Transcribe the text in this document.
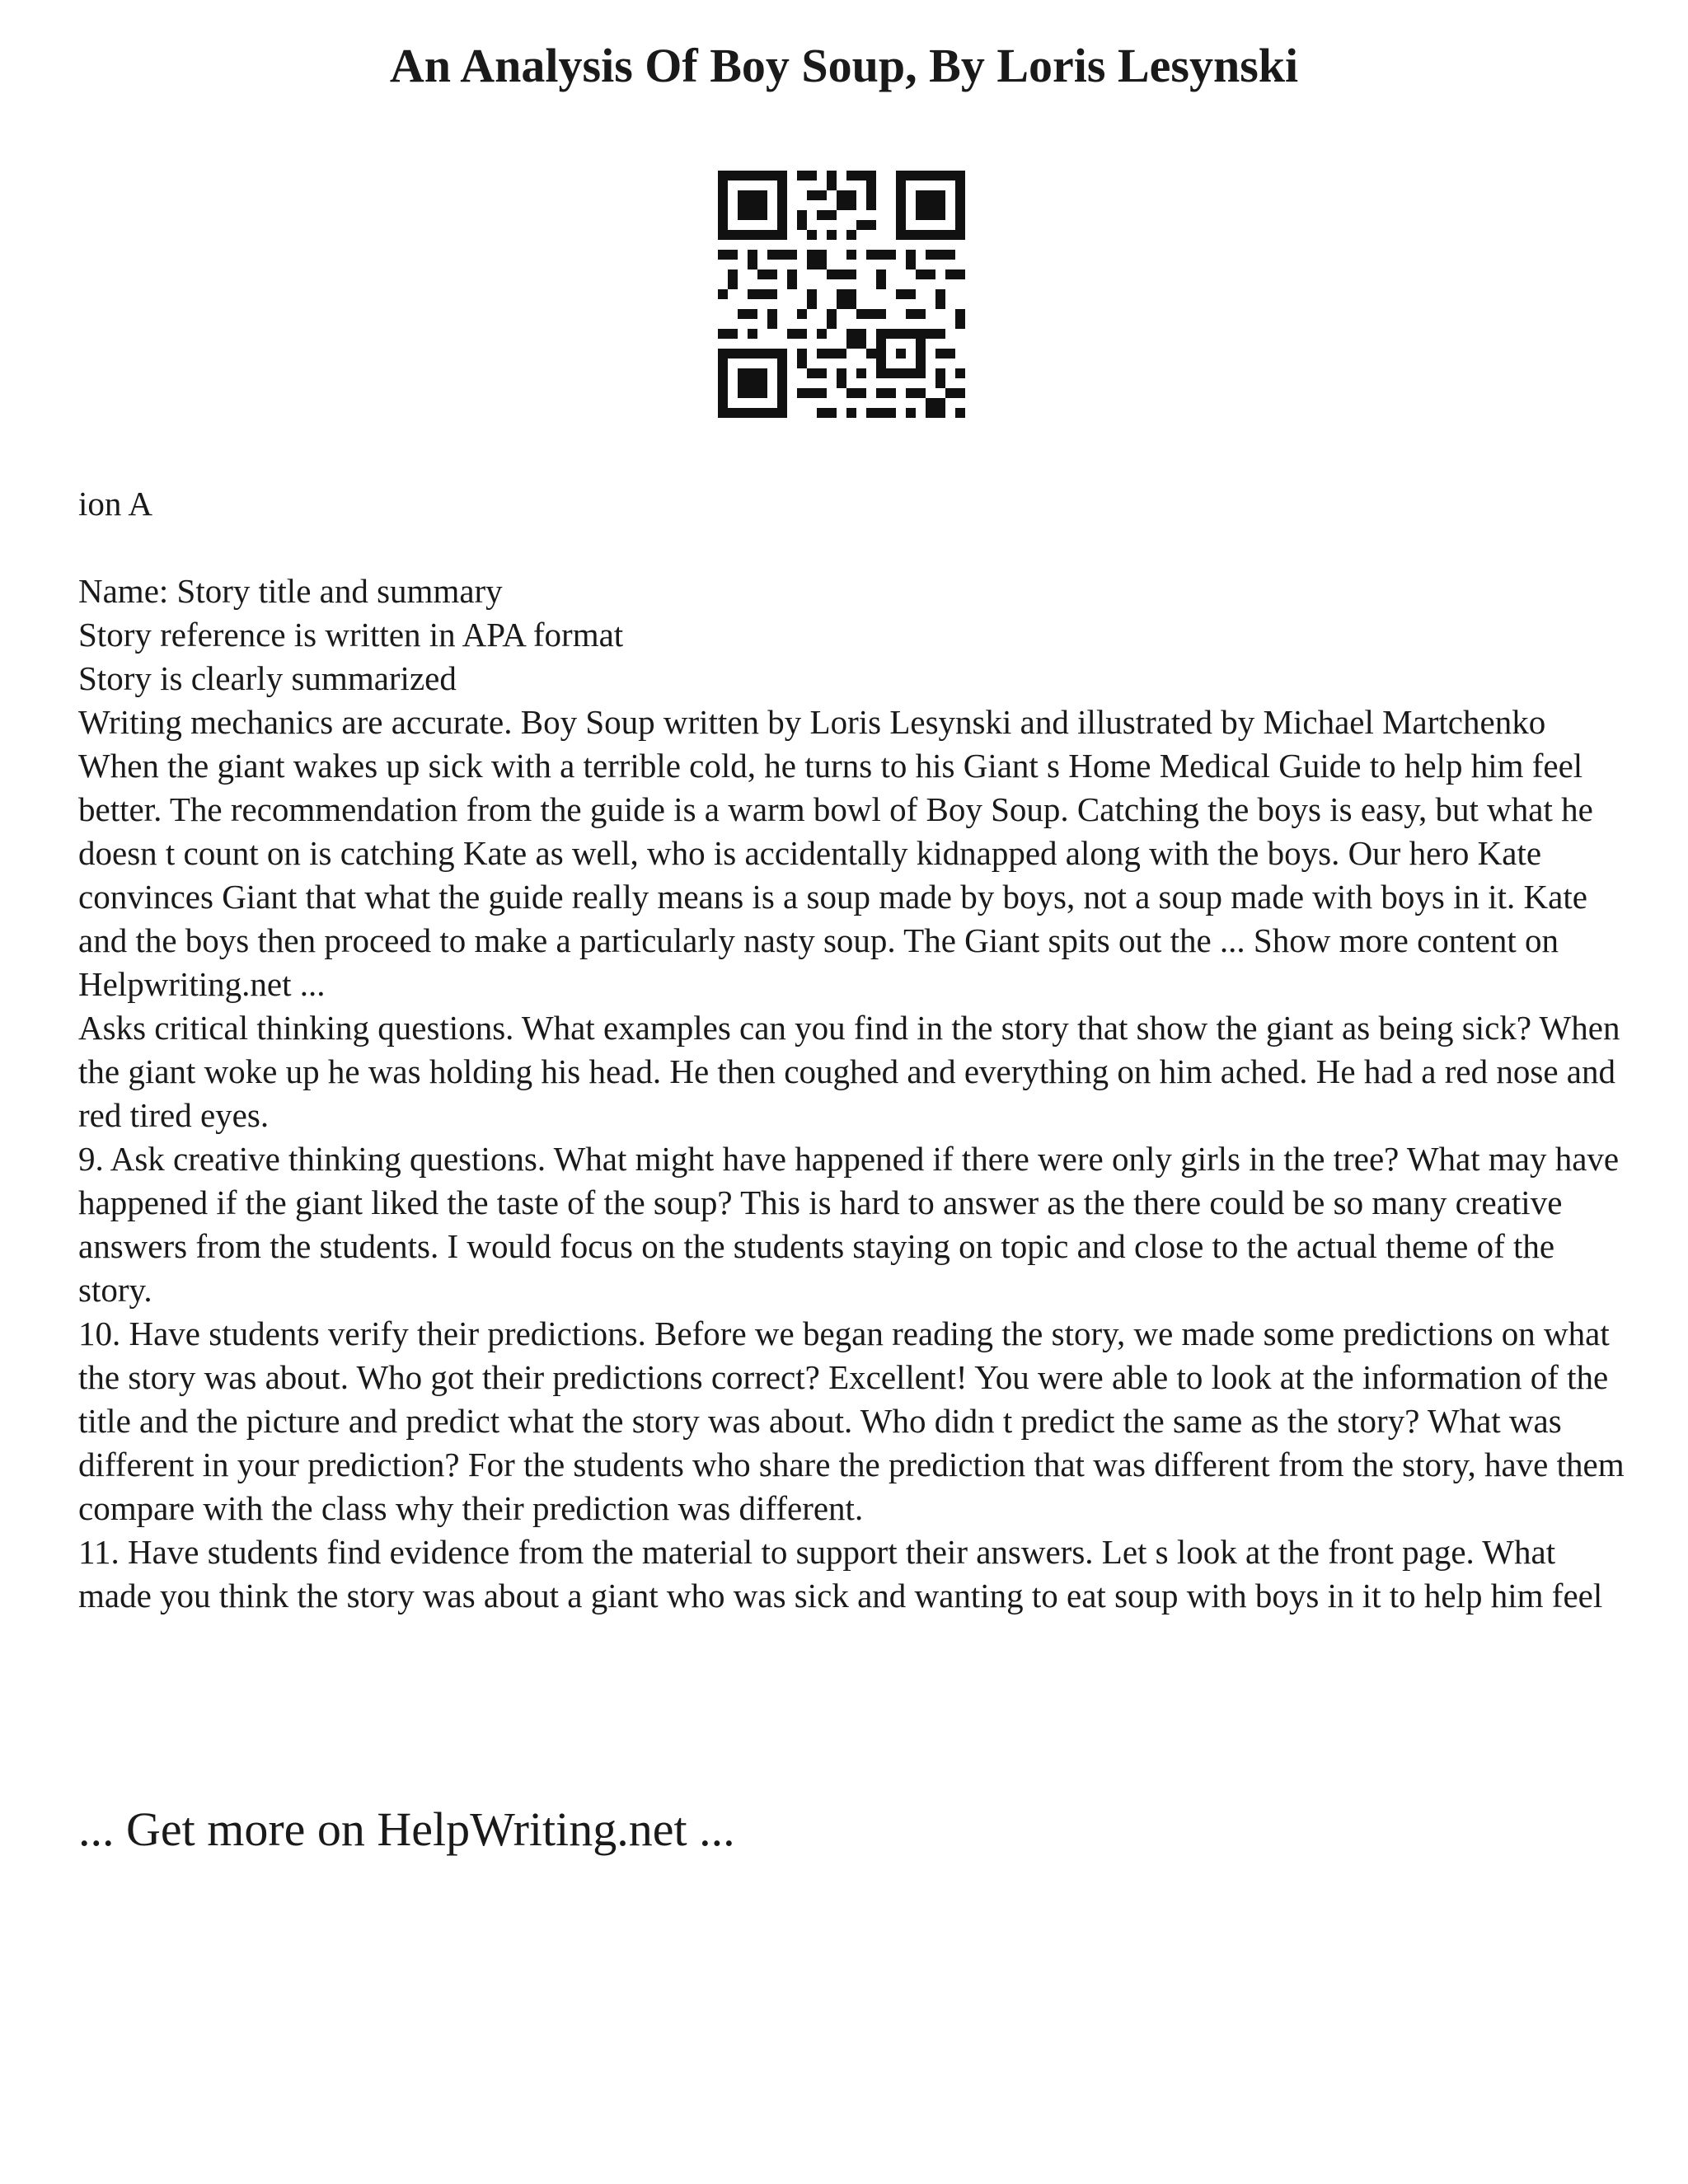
An Analysis Of Boy Soup, By Loris Lesynski

ion A

Name: Story title and summary

Story reference is written in APA format

Story is clearly summarized

Writing mechanics are accurate. Boy Soup written by Loris Lesynski and illustrated by Michael Martchenko

When the giant wakes up sick with a terrible cold, he turns to his Giant s Home Medical Guide to help him feel better. The recommendation from the guide is a warm bowl of Boy Soup. Catching the boys is easy, but what he doesn t count on is catching Kate as well, who is accidentally kidnapped along with the boys. Our hero Kate convinces Giant that what the guide really means is a soup made by boys, not a soup made with boys in it. Kate and the boys then proceed to make a particularly nasty soup. The Giant spits out the ... Show more content on Helpwriting.net ...

Asks critical thinking questions. What examples can you find in the story that show the giant as being sick? When the giant woke up he was holding his head. He then coughed and everything on him ached. He had a red nose and red tired eyes.

9. Ask creative thinking questions. What might have happened if there were only girls in the tree? What may have happened if the giant liked the taste of the soup? This is hard to answer as the there could be so many creative answers from the students. I would focus on the students staying on topic and close to the actual theme of the story.

10. Have students verify their predictions. Before we began reading the story, we made some predictions on what the story was about. Who got their predictions correct? Excellent! You were able to look at the information of the title and the picture and predict what the story was about. Who didn t predict the same as the story? What was different in your prediction? For the students who share the prediction that was different from the story, have them compare with the class why their prediction was different.

11. Have students find evidence from the material to support their answers. Let s look at the front page. What made you think the story was about a giant who was sick and wanting to eat soup with boys in it to help him feel

... Get more on HelpWriting.net ...
